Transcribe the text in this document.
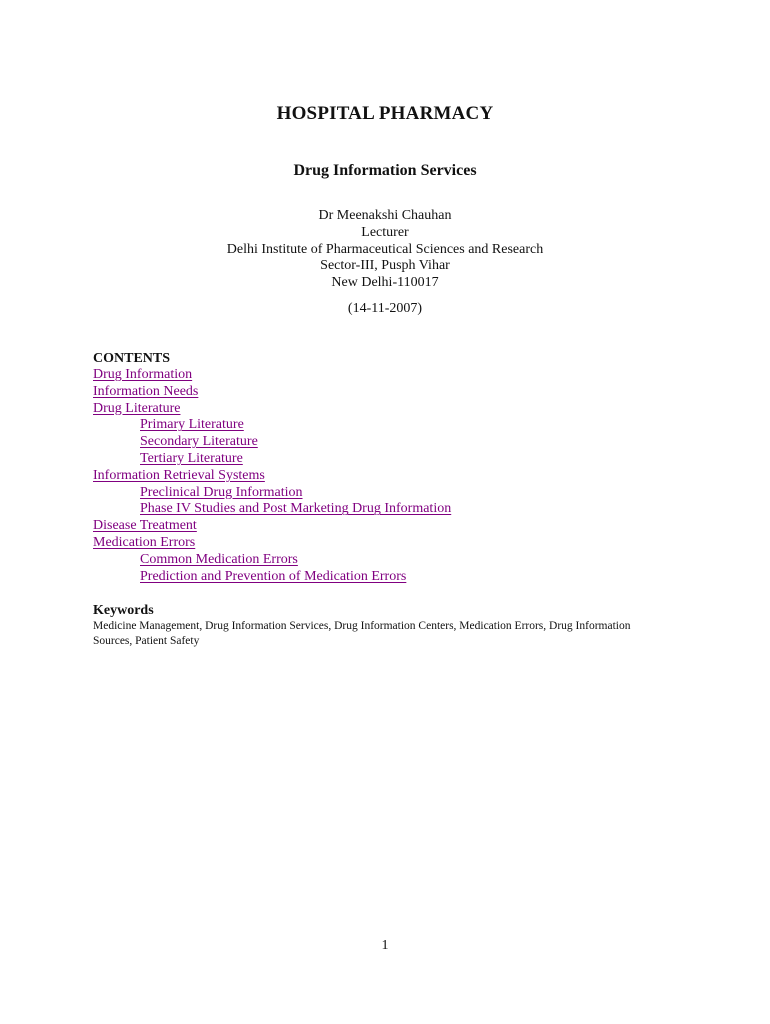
HOSPITAL PHARMACY
Drug Information Services
Dr Meenakshi Chauhan
Lecturer
Delhi Institute of Pharmaceutical Sciences and Research
Sector-III, Pusph Vihar
New Delhi-110017
(14-11-2007)
CONTENTS
Drug Information
Information Needs
Drug Literature
Primary Literature
Secondary Literature
Tertiary Literature
Information Retrieval Systems
Preclinical Drug Information
Phase IV Studies and Post Marketing Drug Information
Disease Treatment
Medication Errors
Common Medication Errors
Prediction and Prevention of Medication Errors
Keywords
Medicine Management, Drug Information Services, Drug Information Centers, Medication Errors, Drug Information Sources, Patient Safety
1
